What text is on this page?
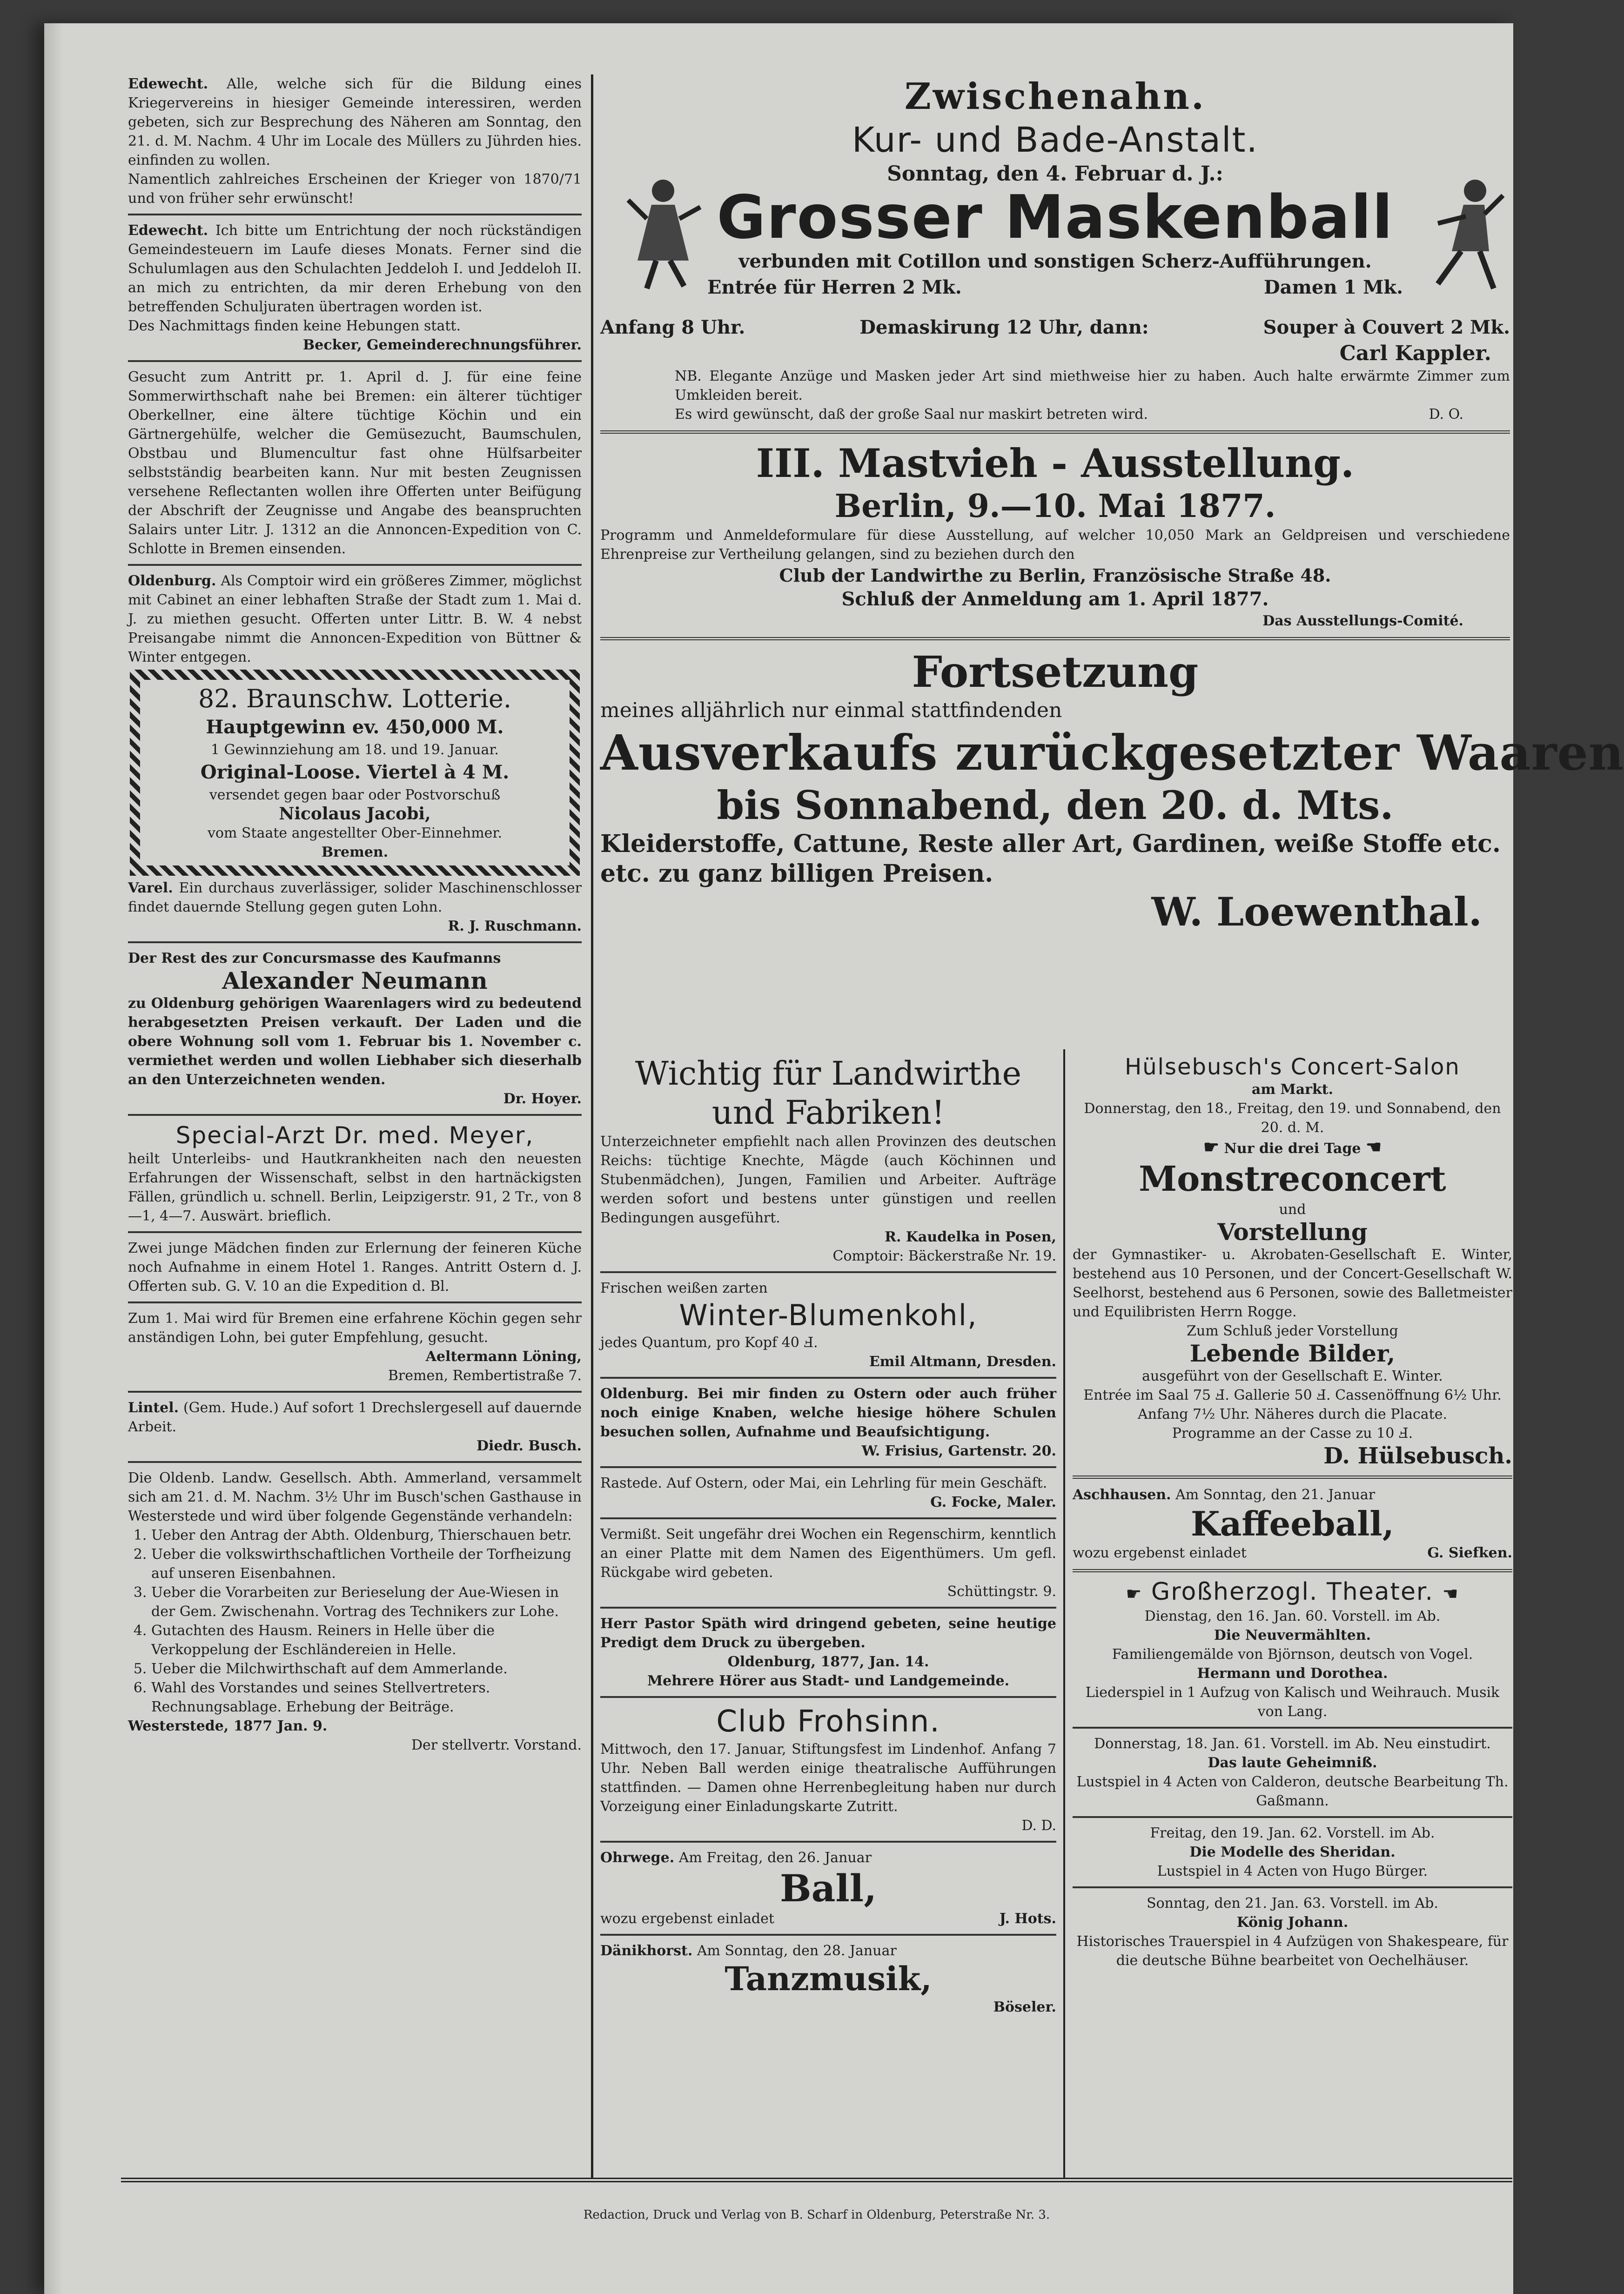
Edewecht. Alle, welche sich für die Bildung eines Kriegervereins in hiesiger Gemeinde interessiren, werden gebeten, sich zur Besprechung des Näheren am Sonntag, den 21. d. M. Nachm. 4 Uhr im Locale des Müllers zu Jührden hies. einfinden zu wollen.

Namentlich zahlreiches Erscheinen der Krieger von 1870/71 und von früher sehr erwünscht!

Edewecht. Ich bitte um Entrichtung der noch rückständigen Gemeindesteuern im Laufe dieses Monats. Ferner sind die Schulumlagen aus den Schulachten Jeddeloh I. und Jeddeloh II. an mich zu entrichten, da mir deren Erhebung von den betreffenden Schuljuraten übertragen worden ist.

Des Nachmittags finden keine Hebungen statt.

Becker, Gemeinderechnungsführer.

Gesucht zum Antritt pr. 1. April d. J. für eine feine Sommerwirthschaft nahe bei Bremen: ein älterer tüchtiger Oberkellner, eine ältere tüchtige Köchin und ein Gärtnergehülfe, welcher die Gemüsezucht, Baumschulen, Obstbau und Blumencultur fast ohne Hülfsarbeiter selbstständig bearbeiten kann. Nur mit besten Zeugnissen versehene Reflectanten wollen ihre Offerten unter Beifügung der Abschrift der Zeugnisse und Angabe des beanspruchten Salairs unter Litr. J. 1312 an die Annoncen-Expedition von C. Schlotte in Bremen einsenden.

Oldenburg. Als Comptoir wird ein größeres Zimmer, möglichst mit Cabinet an einer lebhaften Straße der Stadt zum 1. Mai d. J. zu miethen gesucht. Offerten unter Littr. B. W. 4 nebst Preisangabe nimmt die Annoncen-Expedition von Büttner & Winter entgegen.

82. Braunschw. Lotterie.

Hauptgewinn ev. 450,000 M.

1 Gewinnziehung am 18. und 19. Januar.

Original-Loose. Viertel à 4 M.

versendet gegen baar oder Postvorschuß

Nicolaus Jacobi,

vom Staate angestellter Ober-Einnehmer.

Bremen.

Varel. Ein durchaus zuverlässiger, solider Maschinenschlosser findet dauernde Stellung gegen guten Lohn.

R. J. Ruschmann.

Der Rest des zur Concursmasse des Kaufmanns

Alexander Neumann

zu Oldenburg gehörigen Waarenlagers wird zu bedeutend herabgesetzten Preisen verkauft. Der Laden und die obere Wohnung soll vom 1. Februar bis 1. November c. vermiethet werden und wollen Liebhaber sich dieserhalb an den Unterzeichneten wenden.

Dr. Hoyer.

Special-Arzt Dr. med. Meyer,

heilt Unterleibs- und Hautkrankheiten nach den neuesten Erfahrungen der Wissenschaft, selbst in den hartnäckigsten Fällen, gründlich u. schnell. Berlin, Leipzigerstr. 91, 2 Tr., von 8—1, 4—7. Auswärt. brieflich.

Zwei junge Mädchen finden zur Erlernung der feineren Küche noch Aufnahme in einem Hotel 1. Ranges. Antritt Ostern d. J. Offerten sub. G. V. 10 an die Expedition d. Bl.

Zum 1. Mai wird für Bremen eine erfahrene Köchin gegen sehr anständigen Lohn, bei guter Empfehlung, gesucht.

Aeltermann Löning,

Bremen, Rembertistraße 7.

Lintel. (Gem. Hude.) Auf sofort 1 Drechslergesell auf dauernde Arbeit.

Diedr. Busch.

Die Oldenb. Landw. Gesellsch. Abth. Ammerland, versammelt sich am 21. d. M. Nachm. 3½ Uhr im Busch'schen Gasthause in Westerstede und wird über folgende Gegenstände verhandeln:

1. Ueber den Antrag der Abth. Oldenburg, Thierschauen betr.
2. Ueber die volkswirthschaftlichen Vortheile der Torfheizung auf unseren Eisenbahnen.
3. Ueber die Vorarbeiten zur Berieselung der Aue-Wiesen in der Gem. Zwischenahn. Vortrag des Technikers zur Lohe.
4. Gutachten des Hausm. Reiners in Helle über die Verkoppelung der Eschländereien in Helle.
5. Ueber die Milchwirthschaft auf dem Ammerlande.
6. Wahl des Vorstandes und seines Stellvertreters. Rechnungsablage. Erhebung der Beiträge.

Westerstede, 1877 Jan. 9.

Der stellvertr. Vorstand.

Zwischenahn.

Kur- und Bade-Anstalt.

Sonntag, den 4. Februar d. J.:

Grosser Maskenball

verbunden mit Cotillon und sonstigen Scherz-Aufführungen.

Entrée für Herren 2 Mk.	Damen 1 Mk.
Anfang 8 Uhr.	Demaskirung 12 Uhr, dann:	Souper à Couvert 2 Mk.

Carl Kappler.

NB. Elegante Anzüge und Masken jeder Art sind miethweise hier zu haben. Auch halte erwärmte Zimmer zum Umkleiden bereit.

Es wird gewünscht, daß der große Saal nur maskirt betreten wird.	D. O.

III. Mastvieh - Ausstellung.

Berlin, 9.—10. Mai 1877.

Programm und Anmeldeformulare für diese Ausstellung, auf welcher 10,050 Mark an Geldpreisen und verschiedene Ehrenpreise zur Vertheilung gelangen, sind zu beziehen durch den

Club der Landwirthe zu Berlin, Französische Straße 48.

Schluß der Anmeldung am 1. April 1877.

Das Ausstellungs-Comité.

Fortsetzung

meines alljährlich nur einmal stattfindenden

Ausverkaufs zurückgesetzter Waaren

bis Sonnabend, den 20. d. Mts.

Kleiderstoffe, Cattune, Reste aller Art, Gardinen, weiße Stoffe etc. etc. zu ganz billigen Preisen.

W. Loewenthal.

Wichtig für Landwirthe und Fabriken!

Unterzeichneter empfiehlt nach allen Provinzen des deutschen Reichs: tüchtige Knechte, Mägde (auch Köchinnen und Stubenmädchen), Jungen, Familien und Arbeiter. Aufträge werden sofort und bestens unter günstigen und reellen Bedingungen ausgeführt.

R. Kaudelka in Posen,

Comptoir: Bäckerstraße Nr. 19.

Frischen weißen zarten

Winter-Blumenkohl,

jedes Quantum, pro Kopf 40 Ⅎ.

Emil Altmann, Dresden.

Oldenburg. Bei mir finden zu Ostern oder auch früher noch einige Knaben, welche hiesige höhere Schulen besuchen sollen, Aufnahme und Beaufsichtigung.

W. Frisius, Gartenstr. 20.

Rastede. Auf Ostern, oder Mai, ein Lehrling für mein Geschäft.

G. Focke, Maler.

Vermißt. Seit ungefähr drei Wochen ein Regenschirm, kenntlich an einer Platte mit dem Namen des Eigenthümers. Um gefl. Rückgabe wird gebeten.

Schüttingstr. 9.

Herr Pastor Späth wird dringend gebeten, seine heutige Predigt dem Druck zu übergeben.

Oldenburg, 1877, Jan. 14.

Mehrere Hörer aus Stadt- und Landgemeinde.

Club Frohsinn.

Mittwoch, den 17. Januar, Stiftungsfest im Lindenhof. Anfang 7 Uhr. Neben Ball werden einige theatralische Aufführungen stattfinden. — Damen ohne Herrenbegleitung haben nur durch Vorzeigung einer Einladungskarte Zutritt.

D. D.

Ohrwege. Am Freitag, den 26. Januar

Ball,

wozu ergebenst einladet	J. Hots.

Dänikhorst. Am Sonntag, den 28. Januar

Tanzmusik,

Böseler.

Hülsebusch's Concert-Salon

am Markt.

Donnerstag, den 18., Freitag, den 19. und Sonnabend, den 20. d. M.

☛ Nur die drei Tage ☚

Monstreconcert

und

Vorstellung

der Gymnastiker- u. Akrobaten-Gesellschaft E. Winter, bestehend aus 10 Personen, und der Concert-Gesellschaft W. Seelhorst, bestehend aus 6 Personen, sowie des Balletmeister und Equilibristen Herrn Rogge.

Zum Schluß jeder Vorstellung

Lebende Bilder,

ausgeführt von der Gesellschaft E. Winter.

Entrée im Saal 75 Ⅎ. Gallerie 50 Ⅎ. Cassenöffnung 6½ Uhr. Anfang 7½ Uhr. Näheres durch die Placate.

Programme an der Casse zu 10 Ⅎ.

D. Hülsebusch.

Aschhausen. Am Sonntag, den 21. Januar

Kaffeeball,

wozu ergebenst einladet	G. Siefken.

☛ Großherzogl. Theater. ☚

Dienstag, den 16. Jan. 60. Vorstell. im Ab.

Die Neuvermählten.

Familiengemälde von Björnson, deutsch von Vogel.

Hermann und Dorothea.

Liederspiel in 1 Aufzug von Kalisch und Weihrauch. Musik von Lang.

Donnerstag, 18. Jan. 61. Vorstell. im Ab. Neu einstudirt.

Das laute Geheimniß.

Lustspiel in 4 Acten von Calderon, deutsche Bearbeitung Th. Gaßmann.

Freitag, den 19. Jan. 62. Vorstell. im Ab.

Die Modelle des Sheridan.

Lustspiel in 4 Acten von Hugo Bürger.

Sonntag, den 21. Jan. 63. Vorstell. im Ab.

König Johann.

Historisches Trauerspiel in 4 Aufzügen von Shakespeare, für die deutsche Bühne bearbeitet von Oechelhäuser.

Redaction, Druck und Verlag von B. Scharf in Oldenburg, Peterstraße Nr. 3.
